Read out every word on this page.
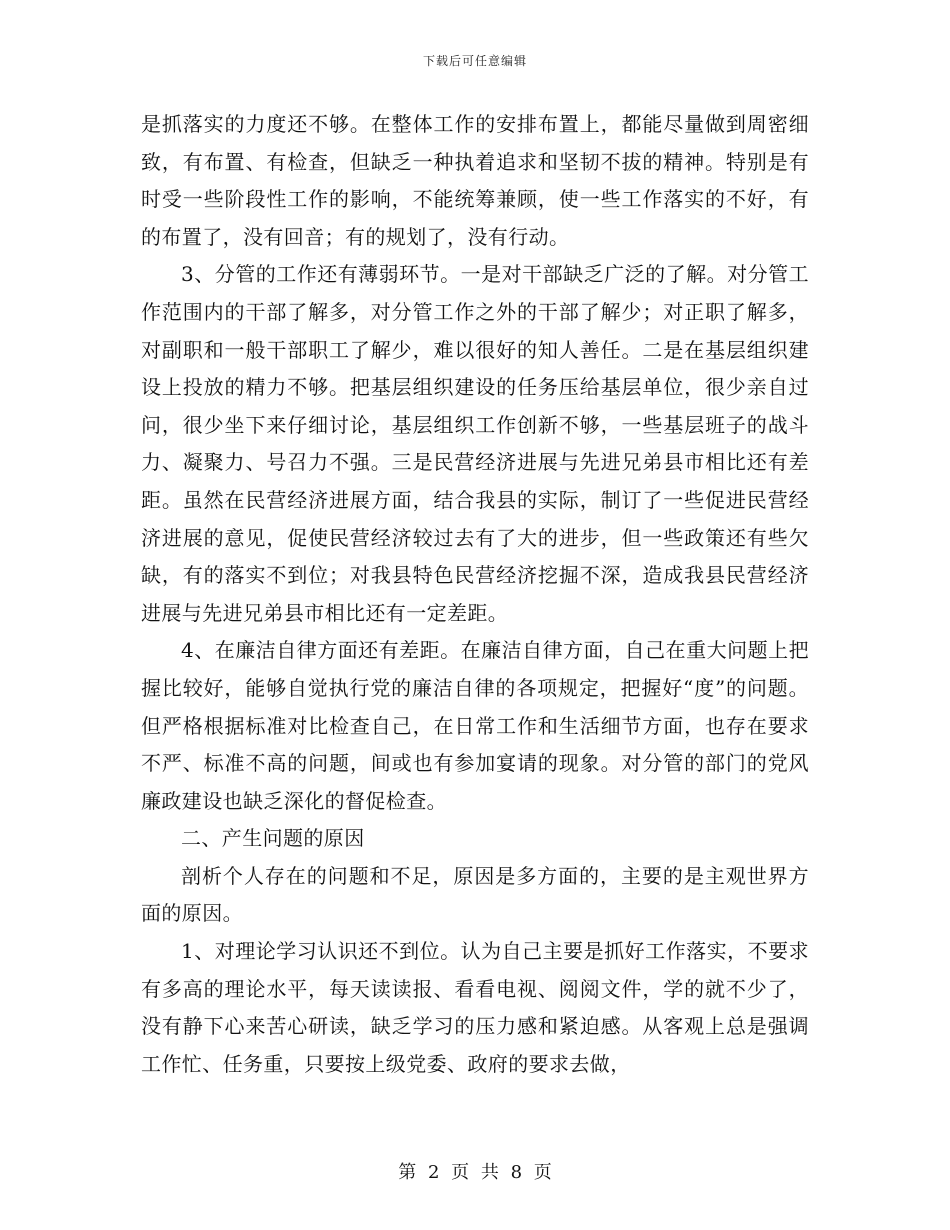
下载后可任意编辑

是抓落实的力度还不够。在整体工作的安排布置上，都能尽量做到周密细致，有布置、有检查，但缺乏一种执着追求和坚韧不拔的精神。特别是有时受一些阶段性工作的影响，不能统筹兼顾，使一些工作落实的不好，有的布置了，没有回音；有的规划了，没有行动。

3、分管的工作还有薄弱环节。一是对干部缺乏广泛的了解。对分管工作范围内的干部了解多，对分管工作之外的干部了解少；对正职了解多，对副职和一般干部职工了解少，难以很好的知人善任。二是在基层组织建设上投放的精力不够。把基层组织建设的任务压给基层单位，很少亲自过问，很少坐下来仔细讨论，基层组织工作创新不够，一些基层班子的战斗力、凝聚力、号召力不强。三是民营经济进展与先进兄弟县市相比还有差距。虽然在民营经济进展方面，结合我县的实际，制订了一些促进民营经济进展的意见，促使民营经济较过去有了大的进步，但一些政策还有些欠缺，有的落实不到位；对我县特色民营经济挖掘不深，造成我县民营经济进展与先进兄弟县市相比还有一定差距。

4、在廉洁自律方面还有差距。在廉洁自律方面，自己在重大问题上把握比较好，能够自觉执行党的廉洁自律的各项规定，把握好“度”的问题。但严格根据标准对比检查自己，在日常工作和生活细节方面，也存在要求不严、标准不高的问题，间或也有参加宴请的现象。对分管的部门的党风廉政建设也缺乏深化的督促检查。

二、产生问题的原因

剖析个人存在的问题和不足，原因是多方面的，主要的是主观世界方面的原因。

1、对理论学习认识还不到位。认为自己主要是抓好工作落实，不要求有多高的理论水平，每天读读报、看看电视、阅阅文件，学的就不少了，没有静下心来苦心研读，缺乏学习的压力感和紧迫感。从客观上总是强调工作忙、任务重，只要按上级党委、政府的要求去做，

第 2 页 共 8 页
